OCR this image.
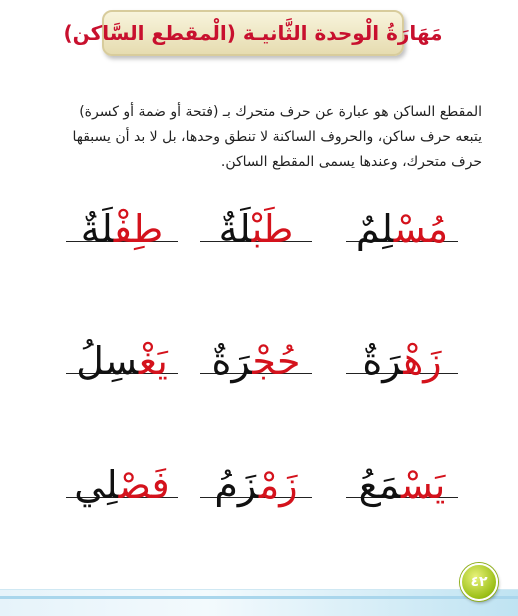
مَهَارَةُ الْوحدة الثَّانيـة (الْمقطع السَّاكن)
المقطع الساكن هو عبارة عن حرف متحرك بـ (فتحة أو ضمة أو كسرة)
يتبعه حرف ساكن، والحروف الساكنة لا تنطق وحدها، بل لا بد أن يسبقها
حرف متحرك، وعندها يسمى المقطع الساكن.
مُسْلِمٌ
طَبْلَةٌ
طِفْلَةٌ
زَهْرَةٌ
حُجْرَةٌ
يَغْسِلُ
يَسْمَعُ
زَمْزَمُ
فَصْلِي
٤٢
